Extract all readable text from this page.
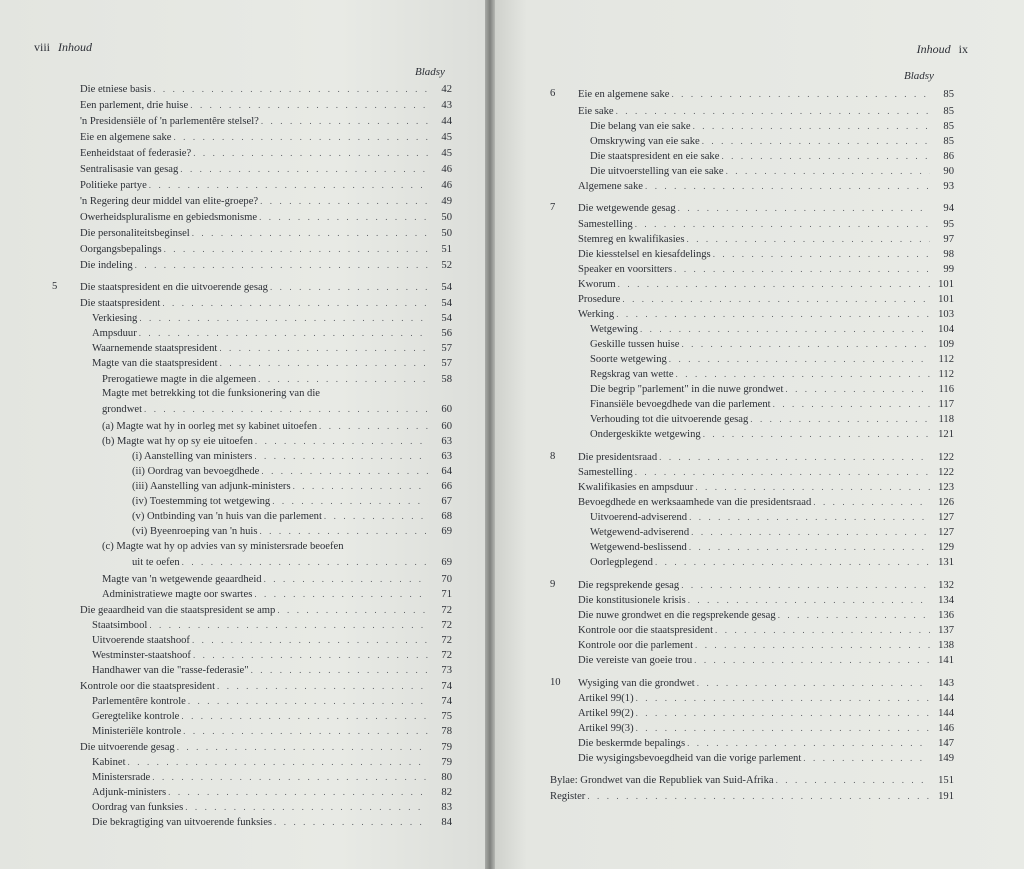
viii Inhoud
Bladsy
Die etniese basis . . .	42
Een parlement, drie huise . . .	43
'n Presidensiële of 'n parlementêre stelsel? . . .	44
Eie en algemene sake . . .	45
Eenheidstaat of federasie? . . .	45
Sentralisasie van gesag . . .	46
Politieke partye . . .	46
'n Regering deur middel van elite-groepe? . . .	49
Owerheidspluralisme en gebiedsmonisme . . .	50
Die personaliteitsbeginsel . . .	50
Oorgangsbepalings . . .	51
Die indeling . . .	52
5	Die staatspresident en die uitvoerende gesag . . .	54
Die staatspresident . . .	54
Verkiesing . . .	54
Ampsduur . . .	56
Waarnemende staatspresident . . .	57
Magte van die staatspresident . . .	57
Prerogatiewe magte in die algemeen . . .	58
Magte met betrekking tot die funksionering van die
grondwet . . .	60
(a) Magte wat hy in oorleg met sy kabinet uitoefen . . .	60
(b) Magte wat hy op sy eie uitoefen . . .	63
(i) Aanstelling van ministers . . .	63
(ii) Oordrag van bevoegdhede . . .	64
(iii) Aanstelling van adjunk-ministers . . .	66
(iv) Toestemming tot wetgewing . . .	67
(v) Ontbinding van 'n huis van die parlement . . .	68
(vi) Byeenroeping van 'n huis . . .	69
(c) Magte wat hy op advies van sy ministersrade beoefen
uit te oefen . . .	69
Magte van 'n wetgewende geaardheid . . .	70
Administratiewe magte oor swartes . . .	71
Die geaardheid van die staatspresident se amp . . .	72
Staatsimbool . . .	72
Uitvoerende staatshoof . . .	72
Westminster-staatshoof . . .	72
Handhawer van die "rasse-federasie" . . .	73
Kontrole oor die staatspresident . . .	74
Parlementêre kontrole . . .	74
Geregtelike kontrole . . .	75
Ministeriële kontrole . . .	78
Die uitvoerende gesag . . .	79
Kabinet . . .	79
Ministersrade . . .	80
Adjunk-ministers . . .	82
Oordrag van funksies . . .	83
Die bekragtiging van uitvoerende funksies . . .	84
Inhoud ix
Bladsy
6	Eie en algemene sake . . .	85
Eie sake . . .	85
Die belang van eie sake . . .	85
Omskrywing van eie sake . . .	85
Die staatspresident en eie sake . . .	86
Die uitvoerstelling van eie sake . . .	90
Algemene sake . . .	93
7	Die wetgewende gesag . . .	94
Samestelling . . .	95
Stemreg en kwalifikasies . . .	97
Die kiesstelsel en kiesafdelings . . .	98
Speaker en voorsitters . . .	99
Kworum . . .	101
Prosedure . . .	101
Werking . . .	103
Wetgewing . . .	104
Geskille tussen huise . . .	109
Soorte wetgewing . . .	112
Regskrag van wette . . .	112
Die begrip "parlement" in die nuwe grondwet . . .	116
Finansiële bevoegdhede van die parlement . . .	117
Verhouding tot die uitvoerende gesag . . .	118
Ondergeskikte wetgewing . . .	121
8	Die presidentsraad . . .	122
Samestelling . . .	122
Kwalifikasies en ampsduur . . .	123
Bevoegdhede en werksaamhede van die presidentsraad . . .	126
Uitvoerend-adviserend . . .	127
Wetgewend-adviserend . . .	127
Wetgewend-beslissend . . .	129
Oorlegplegend . . .	131
9	Die regsprekende gesag . . .	132
Die konstitusionele krisis . . .	134
Die nuwe grondwet en die regsprekende gesag . . .	136
Kontrole oor die staatspresident . . .	137
Kontrole oor die parlement . . .	138
Die vereiste van goeie trou . . .	141
10	Wysiging van die grondwet . . .	143
Artikel 99(1) . . .	144
Artikel 99(2) . . .	144
Artikel 99(3) . . .	146
Die beskermde bepalings . . .	147
Die wysigingsbevoegdheid van die vorige parlement . . .	149
Bylae: Grondwet van die Republiek van Suid-Afrika . . .	151
Register . . .	191
